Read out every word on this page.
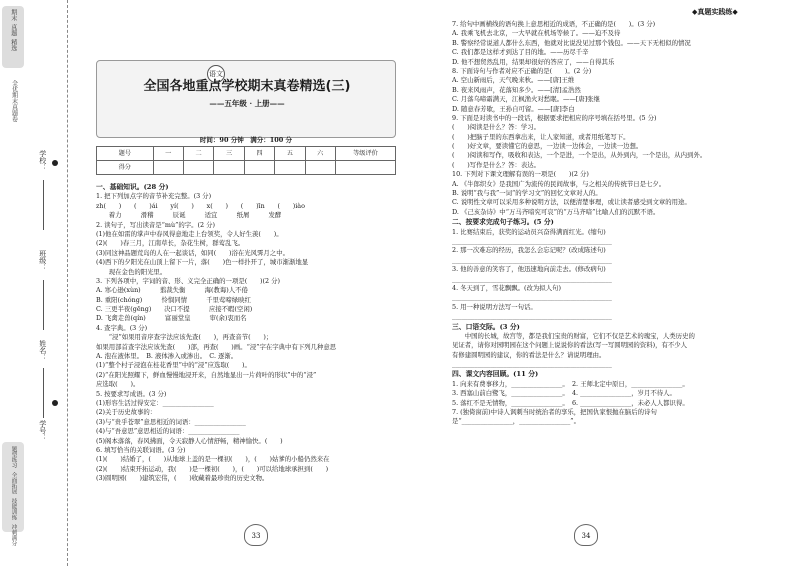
期末
真题
精选
全优期末真题卷
学校：
班级：
姓名：
学号：
题型练习
全面拓展
技能训练
冲刺满分
语文
全国各地重点学校期末真卷精选(三)
——五年级 · 上册——
时间：90 分钟　满分：100 分
题号	一	二	三	四	五	六	等级评价
得分							
一、基础知识。(28 分)
1. 把下列加点字的音节补充完整。(3 分)
zh(　　)　　(　　)ái　　yí(　　)　　x(　　)　　(　　)īn　　(　　)iào
　　着力　　　滑稽　　　辰诞　　　适宜　　　纸屑　　　发酵
2. 读句子，写出读音是“mù”的字。(2 分)
(1)他在如雷的掌声中春风得意地走上台领奖，令人好生羡(　　)。
(2)(　　)春三月，江南草长，杂花生树，群莺乱飞。
(3)同这神品题荒岛的人在一起谈话，如同(　　)浴在光风霁月之中。
(4)西下的夕阳光在山顶上留下一片，落(　　)色一样扑开了，城市渐渐地显
　　现在金色的阳光里。
3. 下列各项中，字词的音、形、义完全正确的一项是(　　)(2 分)
A. 寒心逊(xùn)　　　翦裁失衡　　　海(教诲)人不倦
B. 重阳(chóng)　　　怜悯同情　　　千里莺啼绿映红
C. 三更半夜(gēng)　　决口不提　　　应接不暇(空闲)
D. 飞禽走兽(qín)　　　富丽堂皇　　　审(余)衷而名
4. 查字典。(3 分)
　　“浸”如果用音序查字法应该先查(　　)，再查音节(　　)；
如果用部首查字法应该先查(　　)部，再查(　　)画。“浸”字在字典中有下列几种意思
A. 泡在液体里。　B. 液体渗入或渗出。　C. 逐渐。
(1)“整个村子浸泡在桂花香里”中的“浸”应选取(　　)。
(2)“在阳光照耀下，鲜血慢慢地浸开来，自然地显出一片荷叶的形状”中的“浸”
应选取(　　)。
5. 按要求写成语。(3 分)
(1)形容生活过得安定：________________
(2)关于历史故事的：
(3)与“贵乎苍翠”意思相近的词语：________________
(4)与“吾意思”意思相近的词语：________________
(5)阁本落落，春风拂面，令天寂静人心情舒畅，精神愉快。(　　)
6. 填写恰当的关联词语。(3 分)
(1)(　　)结婚了，(　　)从地球上盖的是一棵初(　　)，(　　)姑爹的小船仍然来在
(2)(　　)结束开拓运动，我(　　)是一棵初(　　)，(　　)可以给地球承担到(　　)
(3)圆明园(　　)建筑宏伟，(　　)收藏着最珍贵的历史文物。
33
◆真题实践练◆
7. 给句中画横线的语句换上意思相近的成语，不正确的是(　　)。(3 分)
A. 我乘飞机去北京，一大早就在机场等候了。——迫不及待
B. 警察经常说道人都什么东西，他就对比说没见过那个钱包。——天下无相似的情况
C. 我们都是这样才到达了目的地。——历尽千辛
D. 他不想贸然乱用，结果却很好的答应了，——自得其乐
8. 下面诗句与作者对应不正确的是(　　)。(2 分)
A. 空山新雨后，天气晚来秋。——[唐]王维
B. 夜来风雨声，花落知多少。——[清]孟浩然
C. 月落乌啼霜满天，江枫渔火对愁眠。——[唐]张继
D. 随意春芳歇，王孙自可留。——[唐]李白
9. 下面是对读书中的一段话，根据要求把相应的序号填在括号里。(5 分)
(　　)阅读是什么？答：学习。
(　　)把脑子里的东西拿出来，让人家知道，或者用纸笔写下。
(　　)好文章，要读懂它的意思，一边读一边体会，一边读一边想。
(　　)阅读和写作，吸收和表达，一个是进，一个是出，从外到内，一个是出，从内到外。
(　　)写作是什么？答：表达。
10. 下列对下课文理解有误的一项是(　　)(2 分)
A. 《牛郎织女》是我国广为流传的民间故事，与之相关的传统节日是七夕。
B. 说明“我与我”一词“的学习文”的回忆文章对人的。
C. 说明性文章可以采用多种说明方法，以便清楚事理，或让读者感受到文章的用途。
D. 《己亥杂诗》中“万马齐喑究可哀”的“万马齐喑”比喻人们的沉默不语。
二、按要求完成句子练习。(5 分)
1. 比赛结束后，获奖的运动员兴奋得满面红光。(缩句)
__________________________________________________
2. 那一次难忘的经历，我怎么会忘记呢？(改成陈述句)
__________________________________________________
3. 他的善意的笑容了，他迅速地向前走去。(修改病句)
__________________________________________________
4. 冬天到了，雪花飘飘。(改为拟人句)
__________________________________________________
5. 用一种说明方法写一句话。
__________________________________________________
三、口语交际。(3 分)
　　中国的长城，故宫等，都是我们宝贵的财富，它们不仅是艺术的瑰宝，人类历史的
见证者，请你对园明园在这个问题上说说你的看法(写一写圆明园的资料)，有不少人
有修建圆明园的建议，你的看法是什么？请说明理由。
__________________________________________________
四、课文内容回顾。(11 分)
1. 向来有费事移力，________________。　2. 王师北定中原日，________________。
3. 西塞山前白鹭飞，________________。　4. ________________，岁月不待人。
5. 落红不是无情物，________________。　6. ________________，未必人人都识得。
7. (独倚窗前)中诗人讽刺当时统治者的享乐，把国仇家恨抛在脑后的诗句
是“________________，________________”。
34
